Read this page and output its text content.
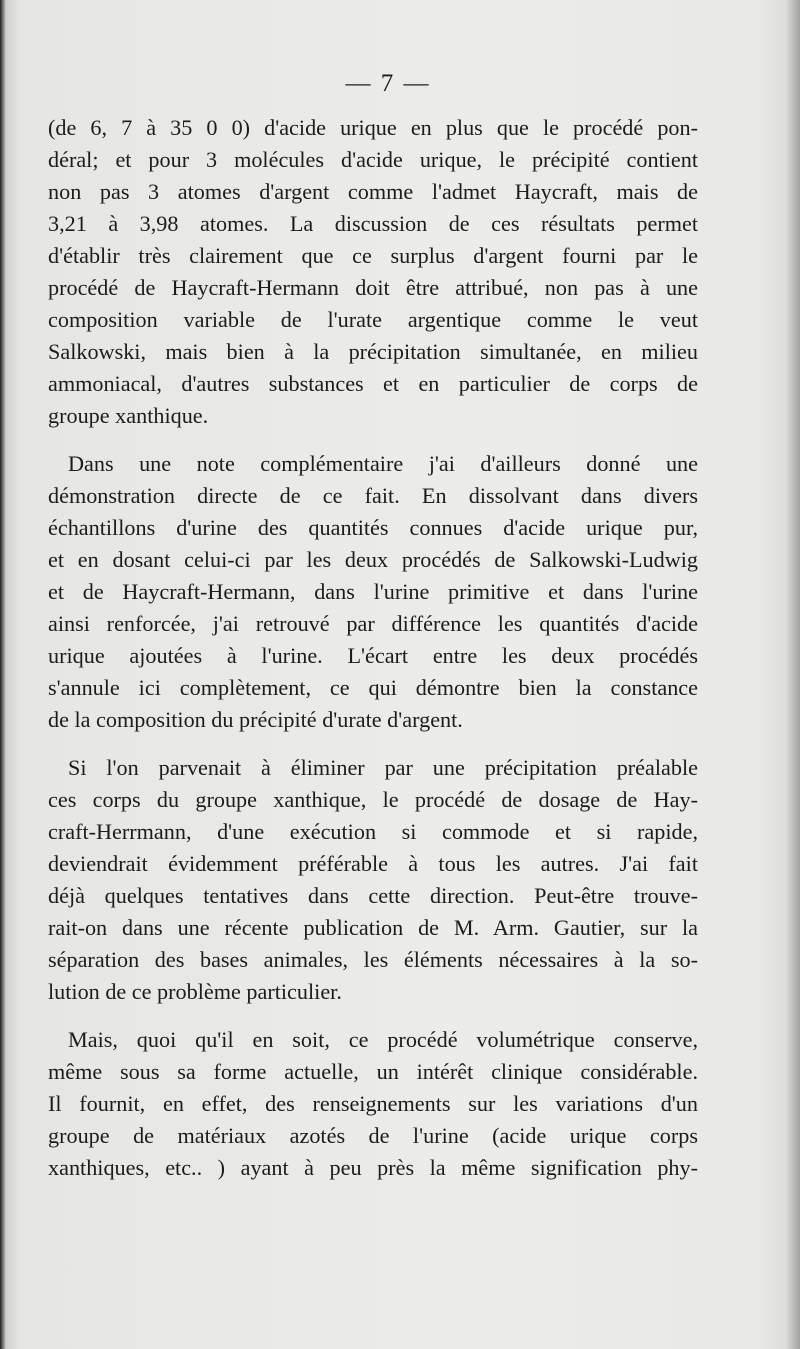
— 7 —
(de 6, 7 à 35 0 0) d'acide urique en plus que le procédé pon-
déral; et pour 3 molécules d'acide urique, le précipité contient
non pas 3 atomes d'argent comme l'admet Haycraft, mais de
3,21 à 3,98 atomes. La discussion de ces résultats permet
d'établir très clairement que ce surplus d'argent fourni par le
procédé de Haycraft-Hermann doit être attribué, non pas à une
composition variable de l'urate argentique comme le veut
Salkowski, mais bien à la précipitation simultanée, en milieu
ammoniacal, d'autres substances et en particulier de corps de
groupe xanthique.
Dans une note complémentaire j'ai d'ailleurs donné une
démonstration directe de ce fait. En dissolvant dans divers
échantillons d'urine des quantités connues d'acide urique pur,
et en dosant celui-ci par les deux procédés de Salkowski-Ludwig
et de Haycraft-Hermann, dans l'urine primitive et dans l'urine
ainsi renforcée, j'ai retrouvé par différence les quantités d'acide
urique ajoutées à l'urine. L'écart entre les deux procédés
s'annule ici complètement, ce qui démontre bien la constance
de la composition du précipité d'urate d'argent.
Si l'on parvenait à éliminer par une précipitation préalable
ces corps du groupe xanthique, le procédé de dosage de Hay-
craft-Herrmann, d'une exécution si commode et si rapide,
deviendrait évidemment préférable à tous les autres. J'ai fait
déjà quelques tentatives dans cette direction. Peut-être trouve-
rait-on dans une récente publication de M. Arm. Gautier, sur la
séparation des bases animales, les éléments nécessaires à la so-
lution de ce problème particulier.
Mais, quoi qu'il en soit, ce procédé volumétrique conserve,
même sous sa forme actuelle, un intérêt clinique considérable.
Il fournit, en effet, des renseignements sur les variations d'un
groupe de matériaux azotés de l'urine (acide urique corps
xanthiques, etc.. ) ayant à peu près la même signification phy-
